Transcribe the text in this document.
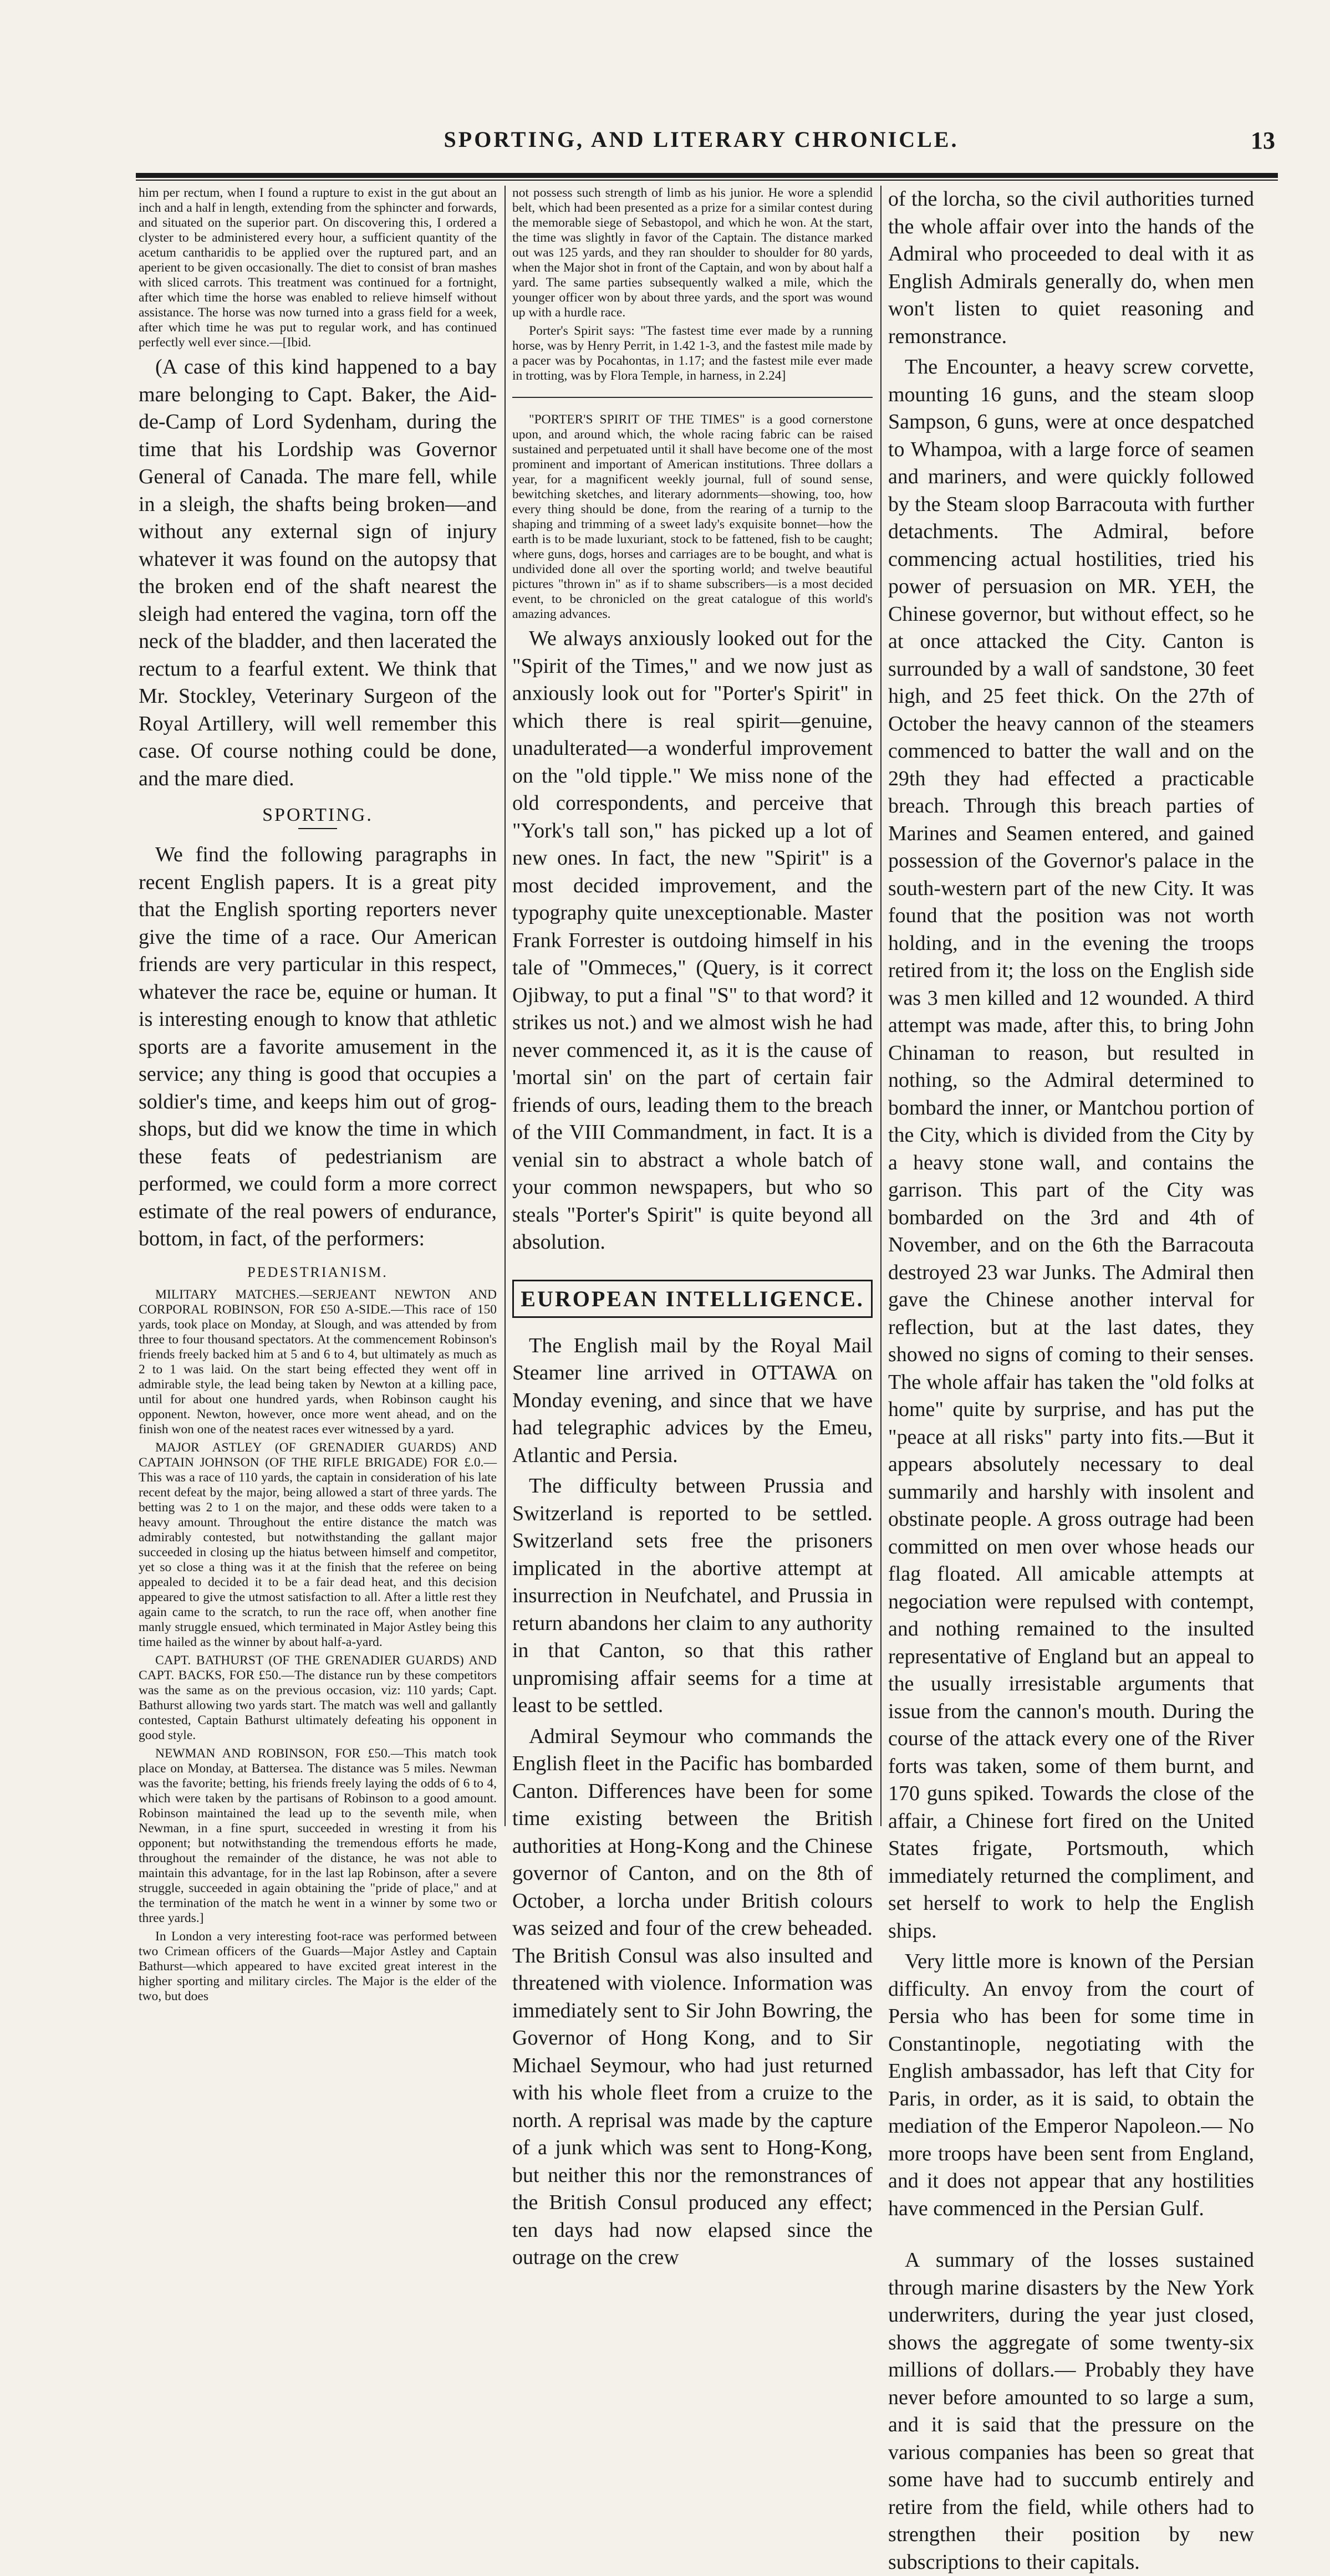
SPORTING, AND LITERARY CHRONICLE.	13

him per rectum, when I found a rupture to exist in the gut about an inch and a half in length, extending from the sphincter and forwards, and situated on the superior part. On discovering this, I ordered a clyster to be administered every hour, a sufficient quantity of the acetum cantharidis to be applied over the ruptured part, and an aperient to be given occasionally. The diet to consist of bran mashes with sliced carrots. This treatment was continued for a fortnight, after which time the horse was enabled to relieve himself without assistance. The horse was now turned into a grass field for a week, after which time he was put to regular work, and has continued perfectly well ever since.—[Ibid.

(A case of this kind happened to a bay mare belonging to Capt. Baker, the Aid-de-Camp of Lord Sydenham, during the time that his Lordship was Governor General of Canada. The mare fell, while in a sleigh, the shafts being broken—and without any external sign of injury whatever it was found on the autopsy that the broken end of the shaft nearest the sleigh had entered the vagina, torn off the neck of the bladder, and then lacerated the rectum to a fearful extent. We think that Mr. Stockley, Veterinary Surgeon of the Royal Artillery, will well remember this case. Of course nothing could be done, and the mare died.

SPORTING.

We find the following paragraphs in recent English papers. It is a great pity that the English sporting reporters never give the time of a race. Our American friends are very particular in this respect, whatever the race be, equine or human. It is interesting enough to know that athletic sports are a favorite amusement in the service; any thing is good that occupies a soldier's time, and keeps him out of grog-shops, but did we know the time in which these feats of pedestrianism are performed, we could form a more correct estimate of the real powers of endurance, bottom, in fact, of the performers:

PEDESTRIANISM.

MILITARY MATCHES.—SERJEANT NEWTON AND CORPORAL ROBINSON, FOR £50 A-SIDE.—This race of 150 yards, took place on Monday, at Slough, and was attended by from three to four thousand spectators. At the commencement Robinson's friends freely backed him at 5 and 6 to 4, but ultimately as much as 2 to 1 was laid. On the start being effected they went off in admirable style, the lead being taken by Newton at a killing pace, until for about one hundred yards, when Robinson caught his opponent. Newton, however, once more went ahead, and on the finish won one of the neatest races ever witnessed by a yard.

MAJOR ASTLEY (OF GRENADIER GUARDS) AND CAPTAIN JOHNSON (OF THE RIFLE BRIGADE) FOR £.0.—This was a race of 110 yards, the captain in consideration of his late recent defeat by the major, being allowed a start of three yards. The betting was 2 to 1 on the major, and these odds were taken to a heavy amount. Throughout the entire distance the match was admirably contested, but notwithstanding the gallant major succeeded in closing up the hiatus between himself and competitor, yet so close a thing was it at the finish that the referee on being appealed to decided it to be a fair dead heat, and this decision appeared to give the utmost satisfaction to all. After a little rest they again came to the scratch, to run the race off, when another fine manly struggle ensued, which terminated in Major Astley being this time hailed as the winner by about half-a-yard.

CAPT. BATHURST (OF THE GRENADIER GUARDS) AND CAPT. BACKS, FOR £50.—The distance run by these competitors was the same as on the previous occasion, viz: 110 yards; Capt. Bathurst allowing two yards start. The match was well and gallantly contested, Captain Bathurst ultimately defeating his opponent in good style.

NEWMAN AND ROBINSON, FOR £50.—This match took place on Monday, at Battersea. The distance was 5 miles. Newman was the favorite; betting, his friends freely laying the odds of 6 to 4, which were taken by the partisans of Robinson to a good amount. Robinson maintained the lead up to the seventh mile, when Newman, in a fine spurt, succeeded in wresting it from his opponent; but notwithstanding the tremendous efforts he made, throughout the remainder of the distance, he was not able to maintain this advantage, for in the last lap Robinson, after a severe struggle, succeeded in again obtaining the "pride of place," and at the termination of the match he went in a winner by some two or three yards.]

In London a very interesting foot-race was performed between two Crimean officers of the Guards—Major Astley and Captain Bathurst—which appeared to have excited great interest in the higher sporting and military circles. The Major is the elder of the two, but does

not possess such strength of limb as his junior. He wore a splendid belt, which had been presented as a prize for a similar contest during the memorable siege of Sebastopol, and which he won. At the start, the time was slightly in favor of the Captain. The distance marked out was 125 yards, and they ran shoulder to shoulder for 80 yards, when the Major shot in front of the Captain, and won by about half a yard. The same parties subsequently walked a mile, which the younger officer won by about three yards, and the sport was wound up with a hurdle race.

Porter's Spirit says: "The fastest time ever made by a running horse, was by Henry Perrit, in 1.42 1-3, and the fastest mile made by a pacer was by Pocahontas, in 1.17; and the fastest mile ever made in trotting, was by Flora Temple, in harness, in 2.24]

"PORTER'S SPIRIT OF THE TIMES" is a good cornerstone upon, and around which, the whole racing fabric can be raised sustained and perpetuated until it shall have become one of the most prominent and important of American institutions. Three dollars a year, for a magnificent weekly journal, full of sound sense, bewitching sketches, and literary adornments—showing, too, how every thing should be done, from the rearing of a turnip to the shaping and trimming of a sweet lady's exquisite bonnet—how the earth is to be made luxuriant, stock to be fattened, fish to be caught; where guns, dogs, horses and carriages are to be bought, and what is undivided done all over the sporting world; and twelve beautiful pictures "thrown in" as if to shame subscribers—is a most decided event, to be chronicled on the great catalogue of this world's amazing advances.

We always anxiously looked out for the "Spirit of the Times," and we now just as anxiously look out for "Porter's Spirit" in which there is real spirit—genuine, unadulterated—a wonderful improvement on the "old tipple." We miss none of the old correspondents, and perceive that "York's tall son," has picked up a lot of new ones. In fact, the new "Spirit" is a most decided improvement, and the typography quite unexceptionable. Master Frank Forrester is outdoing himself in his tale of "Ommeces," (Query, is it correct Ojibway, to put a final "S" to that word? it strikes us not.) and we almost wish he had never commenced it, as it is the cause of 'mortal sin' on the part of certain fair friends of ours, leading them to the breach of the VIII Commandment, in fact. It is a venial sin to abstract a whole batch of your common newspapers, but who so steals "Porter's Spirit" is quite beyond all absolution.

EUROPEAN INTELLIGENCE.

The English mail by the Royal Mail Steamer line arrived in OTTAWA on Monday evening, and since that we have had telegraphic advices by the Emeu, Atlantic and Persia.

The difficulty between Prussia and Switzerland is reported to be settled. Switzerland sets free the prisoners implicated in the abortive attempt at insurrection in Neufchatel, and Prussia in return abandons her claim to any authority in that Canton, so that this rather unpromising affair seems for a time at least to be settled.

Admiral Seymour who commands the English fleet in the Pacific has bombarded Canton. Differences have been for some time existing between the British authorities at Hong-Kong and the Chinese governor of Canton, and on the 8th of October, a lorcha under British colours was seized and four of the crew beheaded. The British Consul was also insulted and threatened with violence. Information was immediately sent to Sir John Bowring, the Governor of Hong Kong, and to Sir Michael Seymour, who had just returned with his whole fleet from a cruize to the north. A reprisal was made by the capture of a junk which was sent to Hong-Kong, but neither this nor the remonstrances of the British Consul produced any effect; ten days had now elapsed since the outrage on the crew

of the lorcha, so the civil authorities turned the whole affair over into the hands of the Admiral who proceeded to deal with it as English Admirals generally do, when men won't listen to quiet reasoning and remonstrance.

The Encounter, a heavy screw corvette, mounting 16 guns, and the steam sloop Sampson, 6 guns, were at once despatched to Whampoa, with a large force of seamen and mariners, and were quickly followed by the Steam sloop Barracouta with further detachments. The Admiral, before commencing actual hostilities, tried his power of persuasion on MR. YEH, the Chinese governor, but without effect, so he at once attacked the City. Canton is surrounded by a wall of sandstone, 30 feet high, and 25 feet thick. On the 27th of October the heavy cannon of the steamers commenced to batter the wall and on the 29th they had effected a practicable breach. Through this breach parties of Marines and Seamen entered, and gained possession of the Governor's palace in the south-western part of the new City. It was found that the position was not worth holding, and in the evening the troops retired from it; the loss on the English side was 3 men killed and 12 wounded. A third attempt was made, after this, to bring John Chinaman to reason, but resulted in nothing, so the Admiral determined to bombard the inner, or Mantchou portion of the City, which is divided from the City by a heavy stone wall, and contains the garrison. This part of the City was bombarded on the 3rd and 4th of November, and on the 6th the Barracouta destroyed 23 war Junks. The Admiral then gave the Chinese another interval for reflection, but at the last dates, they showed no signs of coming to their senses. The whole affair has taken the "old folks at home" quite by surprise, and has put the "peace at all risks" party into fits.—But it appears absolutely necessary to deal summarily and harshly with insolent and obstinate people. A gross outrage had been committed on men over whose heads our flag floated. All amicable attempts at negociation were repulsed with contempt, and nothing remained to the insulted representative of England but an appeal to the usually irresistable arguments that issue from the cannon's mouth. During the course of the attack every one of the River forts was taken, some of them burnt, and 170 guns spiked. Towards the close of the affair, a Chinese fort fired on the United States frigate, Portsmouth, which immediately returned the compliment, and set herself to work to help the English ships.

Very little more is known of the Persian difficulty. An envoy from the court of Persia who has been for some time in Constantinople, negotiating with the English ambassador, has left that City for Paris, in order, as it is said, to obtain the mediation of the Emperor Napoleon.— No more troops have been sent from England, and it does not appear that any hostilities have commenced in the Persian Gulf.

A summary of the losses sustained through marine disasters by the New York underwriters, during the year just closed, shows the aggregate of some twenty-six millions of dollars.— Probably they have never before amounted to so large a sum, and it is said that the pressure on the various companies has been so great that some have had to succumb entirely and retire from the field, while others had to strengthen their position by new subscriptions to their capitals.
